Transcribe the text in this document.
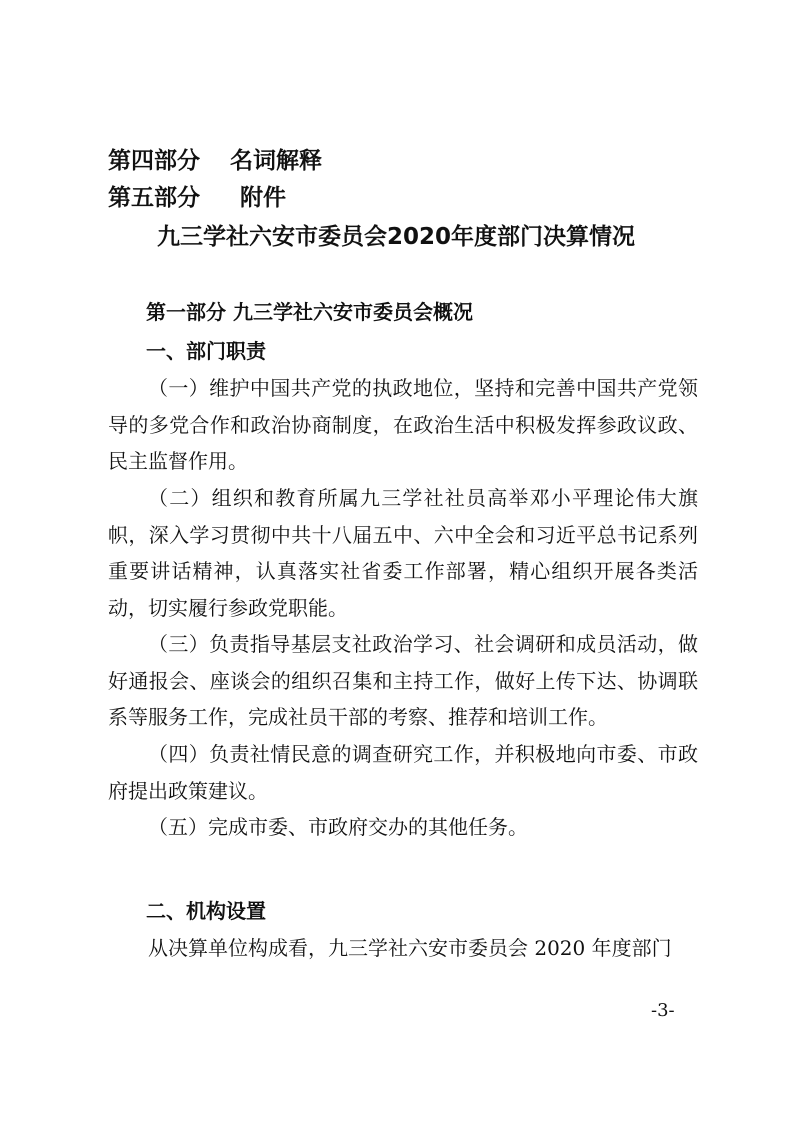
第四部分 名词解释
第五部分 附件
九三学社六安市委员会2020年度部门决算情况
第一部分 九三学社六安市委员会概况
一、部门职责
（一）维护中国共产党的执政地位，坚持和完善中国共产党领导的多党合作和政治协商制度，在政治生活中积极发挥参政议政、民主监督作用。
（二）组织和教育所属九三学社社员高举邓小平理论伟大旗帜，深入学习贯彻中共十八届五中、六中全会和习近平总书记系列重要讲话精神，认真落实社省委工作部署，精心组织开展各类活动，切实履行参政党职能。
（三）负责指导基层支社政治学习、社会调研和成员活动，做好通报会、座谈会的组织召集和主持工作，做好上传下达、协调联系等服务工作，完成社员干部的考察、推荐和培训工作。
（四）负责社情民意的调查研究工作，并积极地向市委、市政府提出政策建议。
（五）完成市委、市政府交办的其他任务。
二、机构设置
从决算单位构成看，九三学社六安市委员会 2020 年度部门
-3-
